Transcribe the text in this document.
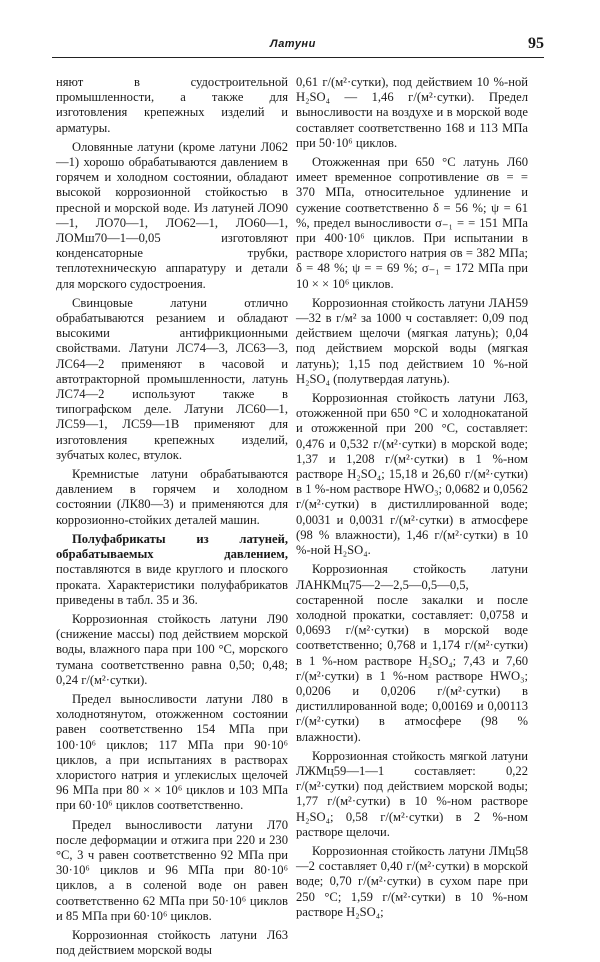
Латуни	95

няют в судостроительной промышленности, а также для изготовления крепежных изделий и арматуры.

Оловянные латуни (кроме латуни Л062—1) хорошо обрабатываются давлением в горячем и холодном состоянии, обладают высокой коррозионной стойкостью в пресной и морской воде. Из латуней ЛО90—1, ЛО70—1, ЛО62—1, ЛО60—1, ЛОМш70—1—0,05 изготовляют конденсаторные трубки, теплотехническую аппаратуру и детали для морского судостроения.

Свинцовые латуни отлично обрабатываются резанием и обладают высокими антифрикционными свойствами. Латуни ЛС74—3, ЛС63—3, ЛС64—2 применяют в часовой и автотракторной промышленности, латунь ЛС74—2 используют также в типографском деле. Латуни ЛС60—1, ЛС59—1, ЛС59—1В применяют для изготовления крепежных изделий, зубчатых колес, втулок.

Кремнистые латуни обрабатываются давлением в горячем и холодном состоянии (ЛК80—3) и применяются для коррозионно-стойких деталей машин.

Полуфабрикаты из латуней, обрабатываемых давлением, поставляются в виде круглого и плоского проката. Характеристики полуфабрикатов приведены в табл. 35 и 36.

Коррозионная стойкость латуни Л90 (снижение массы) под действием морской воды, влажного пара при 100 °С, морского тумана соответственно равна 0,50; 0,48; 0,24 г/(м²·сутки).

Предел выносливости латуни Л80 в холоднотянутом, отожженном состоянии равен соответственно 154 МПа при 100·10⁶ циклов; 117 МПа при 90·10⁶ циклов, а при испытаниях в растворах хлористого натрия и углекислых щелочей 96 МПа при 80 × × 10⁶ циклов и 103 МПа при 60·10⁶ циклов соответственно.

Предел выносливости латуни Л70 после деформации и отжига при 220 и 230 °С, 3 ч равен соответственно 92 МПа при 30·10⁶ циклов и 96 МПа при 80·10⁶ циклов, а в соленой воде он равен соответственно 62 МПа при 50·10⁶ циклов и 85 МПа при 60·10⁶ циклов.

Коррозионная стойкость латуни Л63 под действием морской воды

0,61 г/(м²·сутки), под действием 10 %-ной H₂SO₄ — 1,46 г/(м²·сутки). Предел выносливости на воздухе и в морской воде составляет соответственно 168 и 113 МПа при 50·10⁶ циклов.

Отожженная при 650 °С латунь Л60 имеет временное сопротивление σв = = 370 МПа, относительное удлинение и сужение соответственно δ = 56 %; ψ = 61 %, предел выносливости σ₋₁ = = 151 МПа при 400·10⁶ циклов. При испытании в растворе хлористого натрия σв = 382 МПа; δ = 48 %; ψ = = 69 %; σ₋₁ = 172 МПа при 10 × × 10⁶ циклов.

Коррозионная стойкость латуни ЛАН59—32 в г/м² за 1000 ч составляет: 0,09 под действием щелочи (мягкая латунь); 0,04 под действием морской воды (мягкая латунь); 1,15 под действием 10 %-ной H₂SO₄ (полутвердая латунь).

Коррозионная стойкость латуни Л63, отожженной при 650 °С и холоднокатаной и отожженной при 200 °С, составляет: 0,476 и 0,532 г/(м²·сутки) в морской воде; 1,37 и 1,208 г/(м²·сутки) в 1 %-ном растворе H₂SO₄; 15,18 и 26,60 г/(м²·сутки) в 1 %-ном растворе HWO₃; 0,0682 и 0,0562 г/(м²·сутки) в дистиллированной воде; 0,0031 и 0,0031 г/(м²·сутки) в атмосфере (98 % влажности), 1,46 г/(м²·сутки) в 10 %-ной H₂SO₄.

Коррозионная стойкость латуни ЛАНКМц75—2—2,5—0,5—0,5, состаренной после закалки и после холодной прокатки, составляет: 0,0758 и 0,0693 г/(м²·сутки) в морской воде соответственно; 0,768 и 1,174 г/(м²·сутки) в 1 %-ном растворе H₂SO₄; 7,43 и 7,60 г/(м²·сутки) в 1 %-ном растворе HWO₃; 0,0206 и 0,0206 г/(м²·сутки) в дистиллированной воде; 0,00169 и 0,00113 г/(м²·сутки) в атмосфере (98 % влажности).

Коррозионная стойкость мягкой латуни ЛЖМц59—1—1 составляет: 0,22 г/(м²·сутки) под действием морской воды; 1,77 г/(м²·сутки) в 10 %-ном растворе H₂SO₄; 0,58 г/(м²·сутки) в 2 %-ном растворе щелочи.

Коррозионная стойкость латуни ЛМц58—2 составляет 0,40 г/(м²·сутки) в морской воде; 0,70 г/(м²·сутки) в сухом паре при 250 °С; 1,59 г/(м²·сутки) в 10 %-ном растворе H₂SO₄;
